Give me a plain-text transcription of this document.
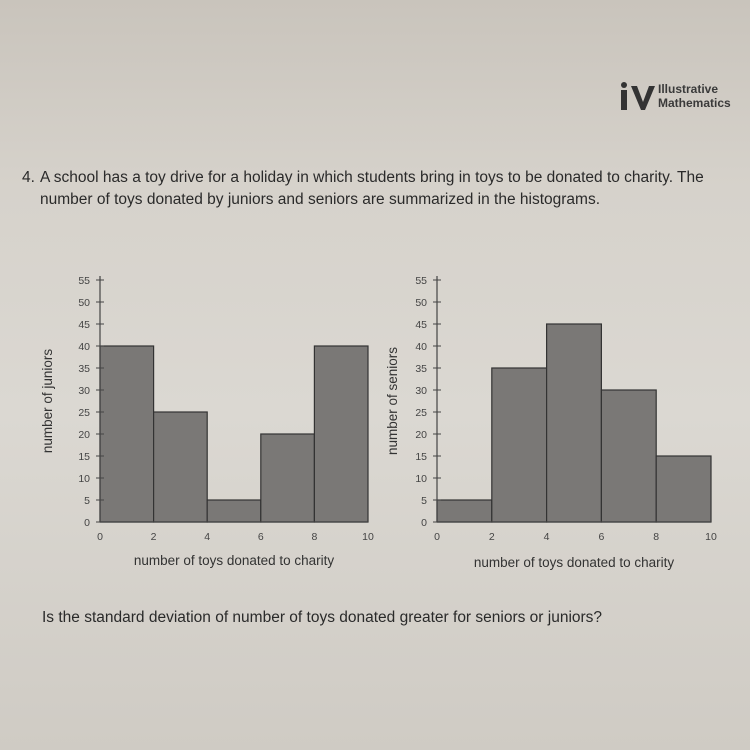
Illustrative
Mathematics
4. A school has a toy drive for a holiday in which students bring in toys to be donated to charity. The number of toys donated by juniors and seniors are summarized in the histograms.
0
5
10
15
20
25
30
35
40
45
50
55
0	2	4	6	8	10
number of toys donated to charity
number of juniors
0
5
10
15
20
25
30
35
40
45
50
55
0	2	4	6	8	10
number of toys donated to charity
number of seniors
Is the standard deviation of number of toys donated greater for seniors or juniors?
